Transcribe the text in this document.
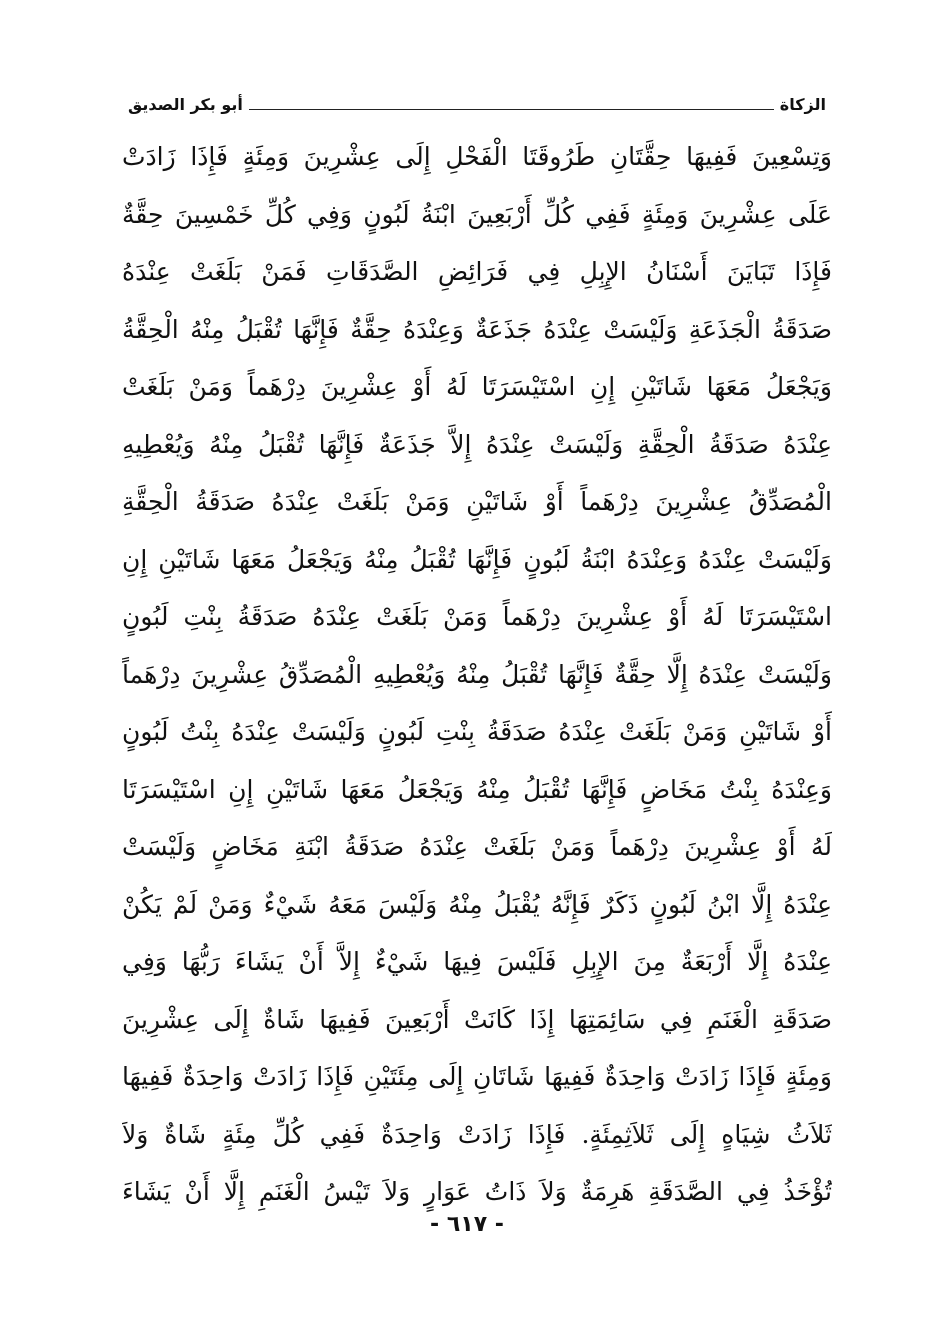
الزكاة
أبو بكر الصديق
وَتِسْعِينَ فَفِيهَا حِقَّتَانِ طَرُوقَتَا الْفَحْلِ إِلَى عِشْرِينَ وَمِئَةٍ فَإِذَا زَادَتْ
عَلَى عِشْرِينَ وَمِئَةٍ فَفِي كُلِّ أَرْبَعِينَ ابْنَةُ لَبُونٍ وَفِي كُلِّ خَمْسِينَ حِقَّةٌ
فَإِذَا تَبَايَنَ أَسْنَانُ الإِبِلِ فِي فَرَائِضِ الصَّدَقَاتِ فَمَنْ بَلَغَتْ عِنْدَهُ
صَدَقَةُ الْجَذَعَةِ وَلَيْسَتْ عِنْدَهُ جَذَعَةٌ وَعِنْدَهُ حِقَّةٌ فَإِنَّهَا تُقْبَلُ مِنْهُ الْحِقَّةُ
وَيَجْعَلُ مَعَهَا شَاتَيْنِ إِنِ اسْتَيْسَرَتَا لَهُ أَوْ عِشْرِينَ دِرْهَماً وَمَنْ بَلَغَتْ
عِنْدَهُ صَدَقَةُ الْحِقَّةِ وَلَيْسَتْ عِنْدَهُ إِلاَّ جَذَعَةٌ فَإِنَّهَا تُقْبَلُ مِنْهُ وَيُعْطِيهِ
الْمُصَدِّقُ عِشْرِينَ دِرْهَماً أَوْ شَاتَيْنِ وَمَنْ بَلَغَتْ عِنْدَهُ صَدَقَةُ الْحِقَّةِ
وَلَيْسَتْ عِنْدَهُ وَعِنْدَهُ ابْنَةُ لَبُونٍ فَإِنَّهَا تُقْبَلُ مِنْهُ وَيَجْعَلُ مَعَهَا شَاتَيْنِ إِنِ
اسْتَيْسَرَتَا لَهُ أَوْ عِشْرِينَ دِرْهَماً وَمَنْ بَلَغَتْ عِنْدَهُ صَدَقَةُ بِنْتِ لَبُونٍ
وَلَيْسَتْ عِنْدَهُ إِلَّا حِقَّةٌ فَإِنَّهَا تُقْبَلُ مِنْهُ وَيُعْطِيهِ الْمُصَدِّقُ عِشْرِينَ دِرْهَماً
أَوْ شَاتَيْنِ وَمَنْ بَلَغَتْ عِنْدَهُ صَدَقَةُ بِنْتِ لَبُونٍ وَلَيْسَتْ عِنْدَهُ بِنْتُ لَبُونٍ
وَعِنْدَهُ بِنْتُ مَخَاضٍ فَإِنَّهَا تُقْبَلُ مِنْهُ وَيَجْعَلُ مَعَهَا شَاتَيْنِ إِنِ اسْتَيْسَرَتَا
لَهُ أَوْ عِشْرِينَ دِرْهَماً وَمَنْ بَلَغَتْ عِنْدَهُ صَدَقَةُ ابْنَةِ مَخَاضٍ وَلَيْسَتْ
عِنْدَهُ إِلَّا ابْنُ لَبُونٍ ذَكَرٌ فَإِنَّهُ يُقْبَلُ مِنْهُ وَلَيْسَ مَعَهُ شَيْءٌ وَمَنْ لَمْ يَكُنْ
عِنْدَهُ إِلَّا أَرْبَعَةٌ مِنَ الإِبِلِ فَلَيْسَ فِيهَا شَيْءٌ إِلاَّ أَنْ يَشَاءَ رَبُّهَا وَفِي
صَدَقَةِ الْغَنَمِ فِي سَائِمَتِهَا إِذَا كَانَتْ أَرْبَعِينَ فَفِيهَا شَاةٌ إِلَى عِشْرِينَ
وَمِئَةٍ فَإِذَا زَادَتْ وَاحِدَةٌ فَفِيهَا شَاتَانِ إِلَى مِئَتَيْنِ فَإِذَا زَادَتْ وَاحِدَةٌ فَفِيهَا
ثَلاَثُ شِيَاهٍ إِلَى ثَلاَثِمِئَةٍ. فَإِذَا زَادَتْ وَاحِدَةٌ فَفِي كُلِّ مِئَةٍ شَاةٌ وَلاَ
تُؤْخَذُ فِي الصَّدَقَةِ هَرِمَةٌ وَلاَ ذَاتُ عَوَارٍ وَلاَ تَيْسُ الْغَنَمِ إِلَّا أَنْ يَشَاءَ
- ٦١٧ -
